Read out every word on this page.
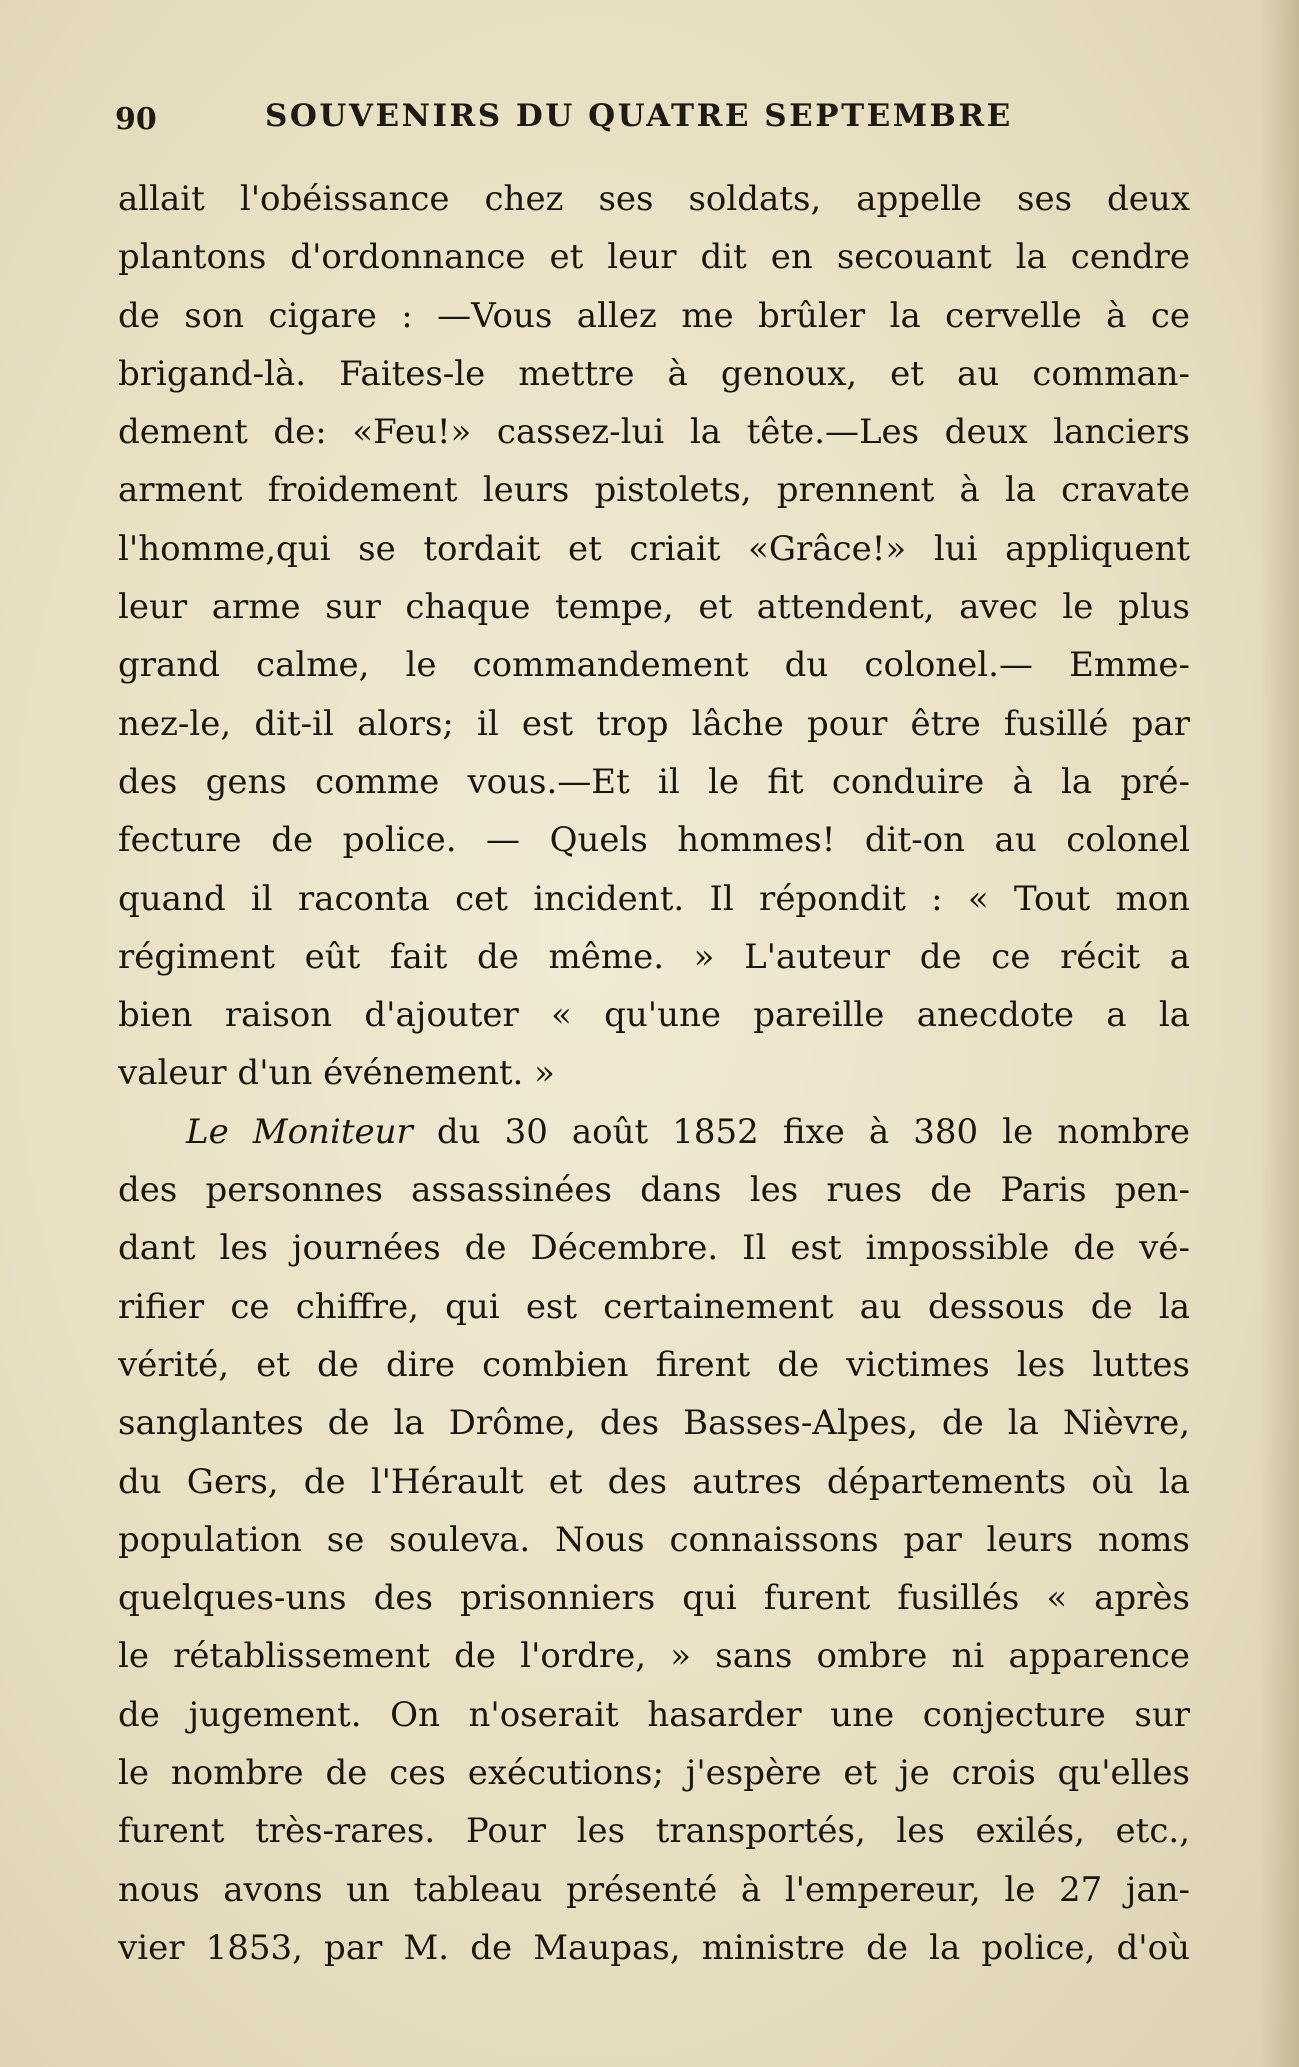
90	SOUVENIRS DU QUATRE SEPTEMBRE
allait l'obéissance chez ses soldats, appelle ses deux
plantons d'ordonnance et leur dit en secouant la cendre
de son cigare : —Vous allez me brûler la cervelle à ce
brigand-là. Faites-le mettre à genoux, et au comman-
dement de: «Feu!» cassez-lui la tête.—Les deux lanciers
arment froidement leurs pistolets, prennent à la cravate
l'homme,qui se tordait et criait «Grâce!» lui appliquent
leur arme sur chaque tempe, et attendent, avec le plus
grand calme, le commandement du colonel.— Emme-
nez-le, dit-il alors; il est trop lâche pour être fusillé par
des gens comme vous.—Et il le fit conduire à la pré-
fecture de police. — Quels hommes! dit-on au colonel
quand il raconta cet incident. Il répondit : « Tout mon
régiment eût fait de même. » L'auteur de ce récit a
bien raison d'ajouter « qu'une pareille anecdote a la
valeur d'un événement. »
Le Moniteur du 30 août 1852 fixe à 380 le nombre
des personnes assassinées dans les rues de Paris pen-
dant les journées de Décembre. Il est impossible de vé-
rifier ce chiffre, qui est certainement au dessous de la
vérité, et de dire combien firent de victimes les luttes
sanglantes de la Drôme, des Basses-Alpes, de la Nièvre,
du Gers, de l'Hérault et des autres départements où la
population se souleva. Nous connaissons par leurs noms
quelques-uns des prisonniers qui furent fusillés « après
le rétablissement de l'ordre, » sans ombre ni apparence
de jugement. On n'oserait hasarder une conjecture sur
le nombre de ces exécutions; j'espère et je crois qu'elles
furent très-rares. Pour les transportés, les exilés, etc.,
nous avons un tableau présenté à l'empereur, le 27 jan-
vier 1853, par M. de Maupas, ministre de la police, d'où
